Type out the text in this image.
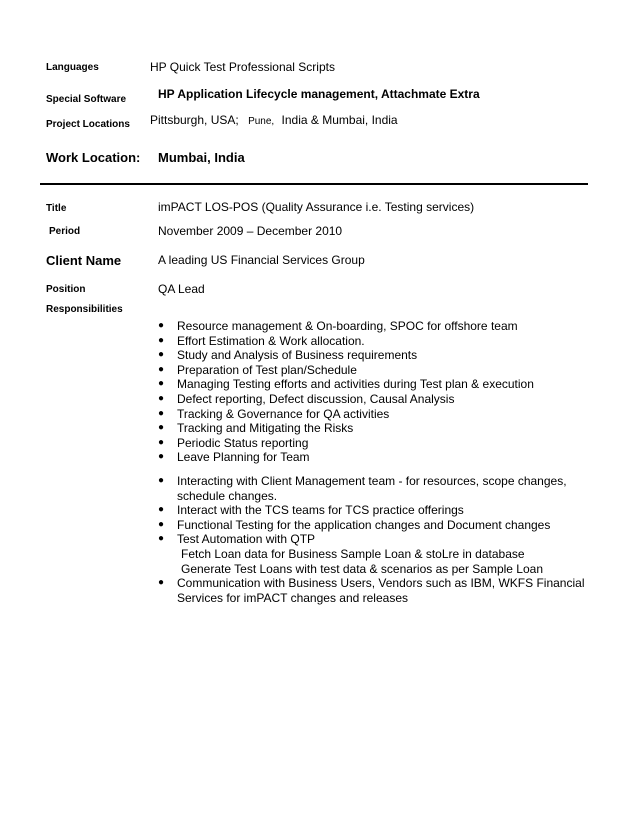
Languages	HP Quick Test Professional Scripts
Special Software	HP Application Lifecycle management, Attachmate Extra
Project Locations Pittsburgh, USA; Pune, India & Mumbai, India
Work Location: Mumbai, India
Title	imPACT LOS-POS (Quality Assurance i.e. Testing services)
Period	November 2009 – December 2010
Client Name	A leading US Financial Services Group
Position	QA Lead
Responsibilities
● Resource management & On-boarding, SPOC for offshore team
● Effort Estimation & Work allocation.
● Study and Analysis of Business requirements
● Preparation of Test plan/Schedule
● Managing Testing efforts and activities during Test plan & execution
● Defect reporting, Defect discussion, Causal Analysis
● Tracking & Governance for QA activities
● Tracking and Mitigating the Risks
● Periodic Status reporting
● Leave Planning for Team
● Interacting with Client Management team - for resources, scope changes, schedule changes.
● Interact with the TCS teams for TCS practice offerings
● Functional Testing for the application changes and Document changes
● Test Automation with QTP
Fetch Loan data for Business Sample Loan & stoLre in database
Generate Test Loans with test data & scenarios as per Sample Loan
● Communication with Business Users, Vendors such as IBM, WKFS Financial Services for imPACT changes and releases
